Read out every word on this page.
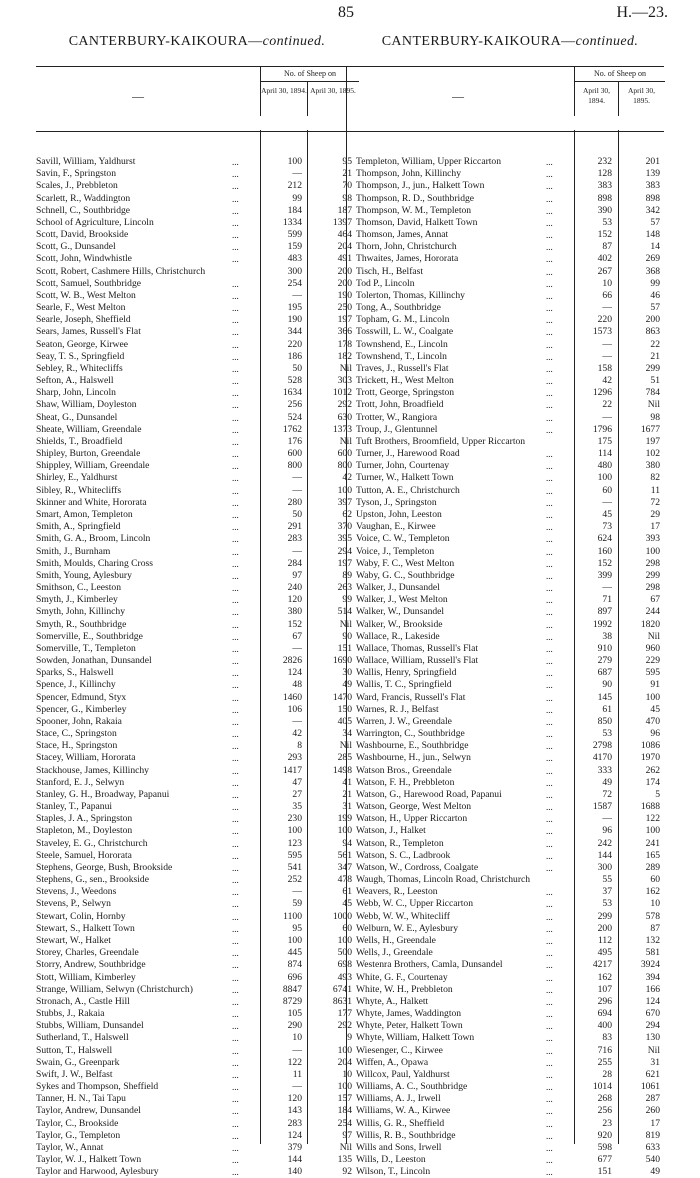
85	H.—23.
CANTERBURY-KAIKOURA—continued.
—
No. of Sheep on
April 30, 1894. April 30, 1895.
Savill, William, Yaldhurst	...	100	95
Savin, F., Springston	...	—	21
Scales, J., Prebbleton	...	212	70
Scarlett, R., Waddington	...	99	98
Schnell, C., Southbridge	...	184	187
School of Agriculture, Lincoln	...	1334	1397
Scott, David, Brookside	...	599	464
Scott, G., Dunsandel	...	159	204
Scott, John, Windwhistle	...	483	491
Scott, Robert, Cashmere Hills, Christchurch	300	200
Scott, Samuel, Southbridge	...	254	200
Scott, W. B., West Melton	...	—	190
Searle, F., West Melton	...	195	250
Searle, Joseph, Sheffield	...	190	197
Sears, James, Russell's Flat	...	344	366
Seaton, George, Kirwee	...	220	178
Seay, T. S., Springfield	...	186	182
Sebley, R., Whitecliffs	...	50	Nil
Sefton, A., Halswell	...	528	303
Sharp, John, Lincoln	...	1634	1012
Shaw, William, Doyleston	...	256	292
Sheat, G., Dunsandel	...	524	630
Sheate, William, Greendale	...	1762	1373
Shields, T., Broadfield	...	176	Nil
Shipley, Burton, Greendale	...	600	600
Shippley, William, Greendale	...	800	800
Shirley, E., Yaldhurst	...	—	42
Sibley, R., Whitecliffs	...	—	100
Skinner and White, Hororata	...	280	397
Smart, Amon, Templeton	...	50	62
Smith, A., Springfield	...	291	370
Smith, G. A., Broom, Lincoln	...	283	395
Smith, J., Burnham	...	—	294
Smith, Moulds, Charing Cross	...	284	197
Smith, Young, Aylesbury	...	97	89
Smithson, C., Leeston	...	240	263
Smyth, J., Kimberley	...	120	99
Smyth, John, Killinchy	...	380	514
Smyth, R., Southbridge	...	152	Nil
Somerville, E., Southbridge	...	67	90
Somerville, T., Templeton	...	—	151
Sowden, Jonathan, Dunsandel	...	2826	1690
Sparks, S., Halswell	...	124	30
Spence, J., Killinchy	...	48	49
Spencer, Edmund, Styx	...	1460	1470
Spencer, G., Kimberley	...	106	150
Spooner, John, Rakaia	...	—	405
Stace, C., Springston	...	42	34
Stace, H., Springston	...	8	Nil
Stacey, William, Hororata	...	293	285
Stackhouse, James, Killinchy	...	1417	1498
Stanford, E. J., Selwyn	...	47	41
Stanley, G. H., Broadway, Papanui	...	27	21
Stanley, T., Papanui	...	35	31
Staples, J. A., Springston	...	230	199
Stapleton, M., Doyleston	...	100	100
Staveley, E. G., Christchurch	...	123	94
Steele, Samuel, Hororata	...	595	561
Stephens, George, Bush, Brookside	...	541	347
Stephens, G., sen., Brookside	...	252	478
Stevens, J., Weedons	...	—	61
Stevens, P., Selwyn	...	59	45
Stewart, Colin, Hornby	...	1100	1000
Stewart, S., Halkett Town	...	95	60
Stewart, W., Halket	...	100	100
Storey, Charles, Greendale	...	445	500
Storry, Andrew, Southbridge	...	874	698
Stott, William, Kimberley	...	696	493
Strange, William, Selwyn (Christchurch)	...	8847	6741
Stronach, A., Castle Hill	...	8729	8631
Stubbs, J., Rakaia	...	105	177
Stubbs, William, Dunsandel	...	290	292
Sutherland, T., Halswell	...	10	9
Sutton, T., Halswell	...	—	100
Swain, G., Greenpark	...	122	204
Swift, J. W., Belfast	...	11	10
Sykes and Thompson, Sheffield	...	—	100
Tanner, H. N., Tai Tapu	...	120	157
Taylor, Andrew, Dunsandel	...	143	184
Taylor, C., Brookside	...	283	254
Taylor, G., Templeton	...	124	97
Taylor, W., Annat	...	379	Nil
Taylor, W. J., Halkett Town	...	144	135
Taylor and Harwood, Aylesbury	...	140	92
CANTERBURY-KAIKOURA—continued.
—
No. of Sheep on
April 30, 1894.
April 30, 1895.
Templeton, William, Upper Riccarton	...	232	201
Thompson, John, Killinchy	...	128	139
Thompson, J., jun., Halkett Town	...	383	383
Thompson, R. D., Southbridge	...	898	898
Thompson, W. M., Templeton	...	390	342
Thomson, David, Halkett Town	...	53	57
Thomson, James, Annat	...	152	148
Thorn, John, Christchurch	...	87	14
Thwaites, James, Hororata	...	402	269
Tisch, H., Belfast	...	267	368
Tod P., Lincoln	...	10	99
Tolerton, Thomas, Killinchy	...	66	46
Tong, A., Southbridge	...	—	57
Topham, G. M., Lincoln	...	220	200
Tosswill, L. W., Coalgate	...	1573	863
Townshend, E., Lincoln	...	—	22
Townshend, T., Lincoln	...	—	21
Traves, J., Russell's Flat	...	158	299
Trickett, H., West Melton	...	42	51
Trott, George, Springston	...	1296	784
Trott, John, Broadfield	...	22	Nil
Trotter, W., Rangiora	...	—	98
Troup, J., Glentunnel	...	1796	1677
Tuft Brothers, Broomfield, Upper Riccarton	175	197
Turner, J., Harewood Road	...	114	102
Turner, John, Courtenay	...	480	380
Turner, W., Halkett Town	...	100	82
Tutton, A. E., Christchurch	...	60	11
Tyson, J., Springston	...	—	72
Upston, John, Leeston	...	45	29
Vaughan, E., Kirwee	...	73	17
Voice, C. W., Templeton	...	624	393
Voice, J., Templeton	...	160	100
Waby, F. C., West Melton	...	152	298
Waby, G. C., Southbridge	...	399	299
Walker, J., Dunsandel	...	—	298
Walker, J., West Melton	...	71	67
Walker, W., Dunsandel	...	897	244
Walker, W., Brookside	...	1992	1820
Wallace, R., Lakeside	...	38	Nil
Wallace, Thomas, Russell's Flat	...	910	960
Wallace, William, Russell's Flat	...	279	229
Wallis, Henry, Springfield	...	687	595
Wallis, T. C., Springfield	...	90	91
Ward, Francis, Russell's Flat	...	145	100
Warnes, R. J., Belfast	...	61	45
Warren, J. W., Greendale	...	850	470
Warrington, C., Southbridge	...	53	96
Washbourne, E., Southbridge	...	2798	1086
Washbourne, H., jun., Selwyn	...	4170	1970
Watson Bros., Greendale	...	333	262
Watson, F. H., Prebbleton	...	49	174
Watson, G., Harewood Road, Papanui	...	72	5
Watson, George, West Melton	...	1587	1688
Watson, H., Upper Riccarton	...	—	122
Watson, J., Halket	...	96	100
Watson, R., Templeton	...	242	241
Watson, S. C., Ladbrook	...	144	165
Watson, W., Cordross, Coalgate	...	300	289
Waugh, Thomas, Lincoln Road, Christchurch	55	60
Weavers, R., Leeston	...	37	162
Webb, W. C., Upper Riccarton	...	53	10
Webb, W. W., Whitecliff	...	299	578
Welburn, W. E., Aylesbury	...	200	87
Wells, H., Greendale	...	112	132
Wells, J., Greendale	...	495	581
Westenra Brothers, Camla, Dunsandel	...	4217	3924
White, G. F., Courtenay	...	162	394
White, W. H., Prebbleton	...	107	166
Whyte, A., Halkett	...	296	124
Whyte, James, Waddington	...	694	670
Whyte, Peter, Halkett Town	...	400	294
Whyte, William, Halkett Town	...	83	130
Wiesenger, C., Kirwee	...	716	Nil
Wiffen, A., Opawa	...	255	31
Willcox, Paul, Yaldhurst	...	28	621
Williams, A. C., Southbridge	...	1014	1061
Williams, A. J., Irwell	...	268	287
Williams, W. A., Kirwee	...	256	260
Willis, G. R., Sheffield	...	23	17
Willis, R. B., Southbridge	...	920	819
Wills and Sons, Irwell	...	598	633
Wills, D., Leeston	...	677	540
Wilson, T., Lincoln	...	151	49
